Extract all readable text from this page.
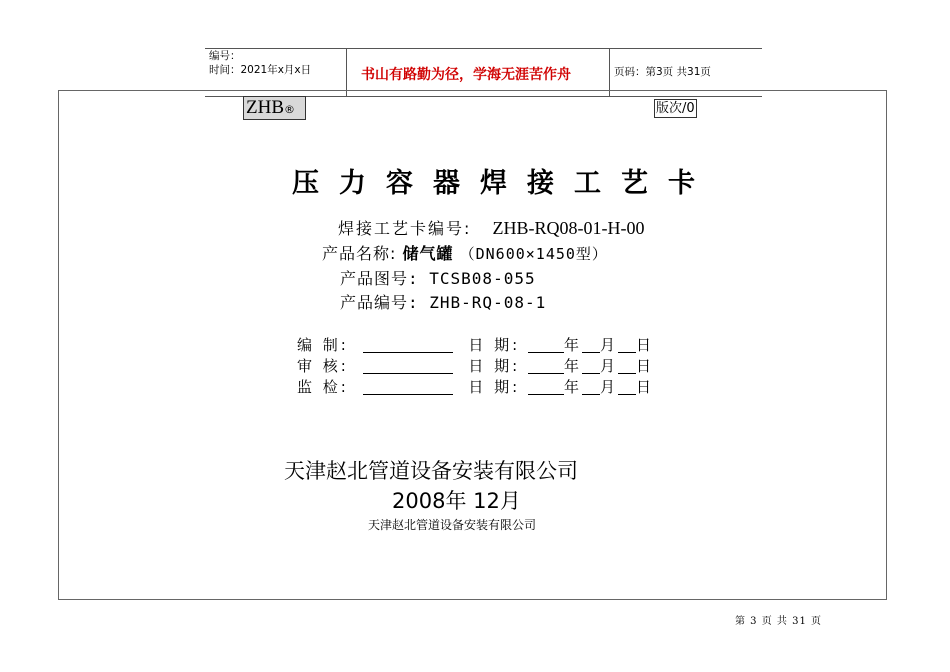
编号：
时间：2021年x月x日	书山有路勤为径，学海无涯苦作舟	页码：第3页 共31页
ZHB®	版次/0
压力容器焊接工艺卡
焊接工艺卡编号: ZHB-RQ08-01-H-00
产品名称: 储气罐 （DN600×1450型）
产品图号: TCSB08-055
产品编号: ZHB-RQ-08-1
编 制:	日 期:	年 月 日
审 核:	日 期:	年 月 日
监 检:	日 期:	年 月 日
天津赵北管道设备安装有限公司
2008年 12月
天津赵北管道设备安装有限公司
第 3 页 共 31 页
